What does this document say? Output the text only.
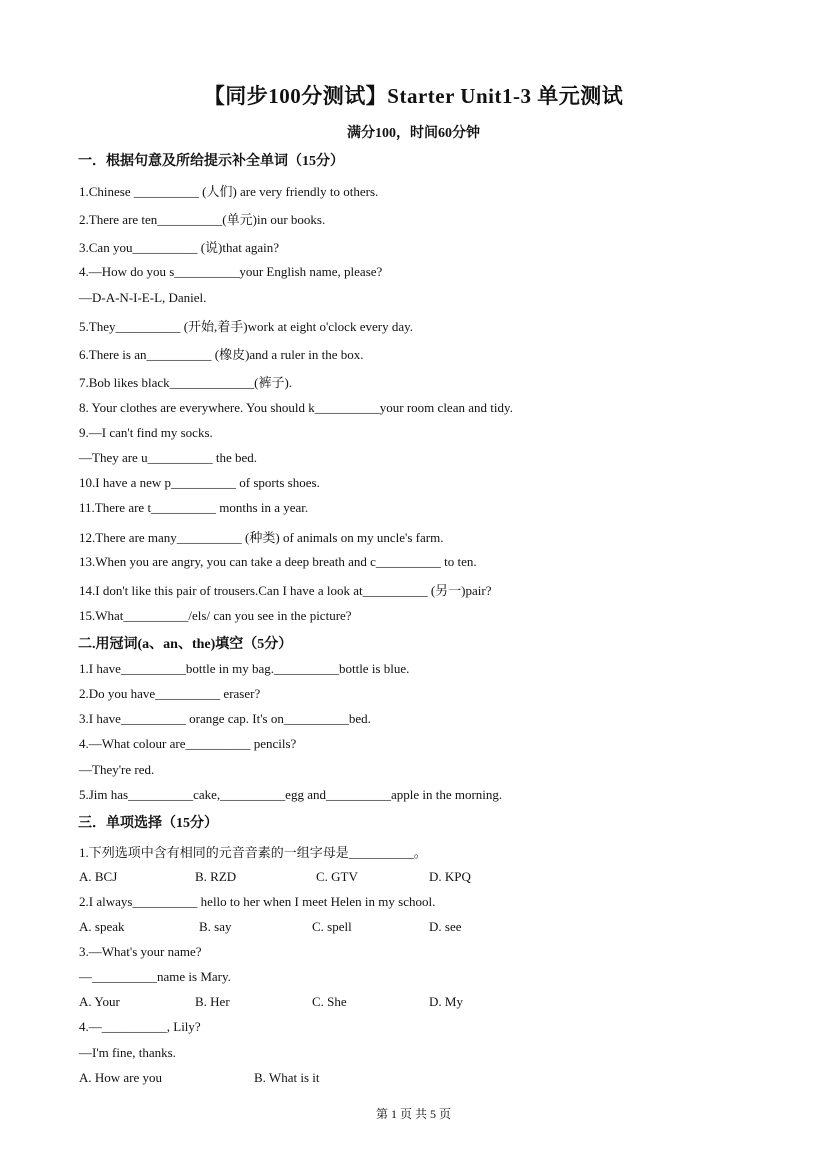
【同步100分测试】Starter Unit1-3 单元测试
满分100，时间60分钟
一．根据句意及所给提示补全单词（15分）
1.Chinese __________ (人们) are very friendly to others.
2.There are ten__________(单元)in our books.
3.Can you__________ (说)that again?
4.—How do you s__________your English name, please?
—D-A-N-I-E-L, Daniel.
5.They__________ (开始,着手)work at eight o'clock every day.
6.There is an__________ (橡皮)and a ruler in the box.
7.Bob likes black_____________(裤子).
8. Your clothes are everywhere. You should k__________your room clean and tidy.
9.—I can't find my socks.
—They are u__________ the bed.
10.I have a new p__________ of sports shoes.
11.There are t__________ months in a year.
12.There are many__________ (种类) of animals on my uncle's farm.
13.When you are angry, you can take a deep breath and c__________ to ten.
14.I don't like this pair of trousers.Can I have a look at__________ (另一)pair?
15.What__________/els/ can you see in the picture?
二.用冠词(a、an、the)填空（5分）
1.I have__________bottle in my bag.__________bottle is blue.
2.Do you have__________ eraser?
3.I have__________ orange cap. It's on__________bed.
4.—What colour are__________ pencils?
—They're red.
5.Jim has__________cake,__________egg and__________apple in the morning.
三．单项选择（15分）
1.下列选项中含有相同的元音音素的一组字母是__________。
A. BCJ	B. RZD	C. GTV	D. KPQ
2.I always__________ hello to her when I meet Helen in my school.
A. speak	B. say	C. spell	D. see
3.—What's your name?
—__________name is Mary.
A. Your	B. Her	C. She	D. My
4.—__________, Lily?
—I'm fine, thanks.
A. How are you	B. What is it
第 1 页 共 5 页
